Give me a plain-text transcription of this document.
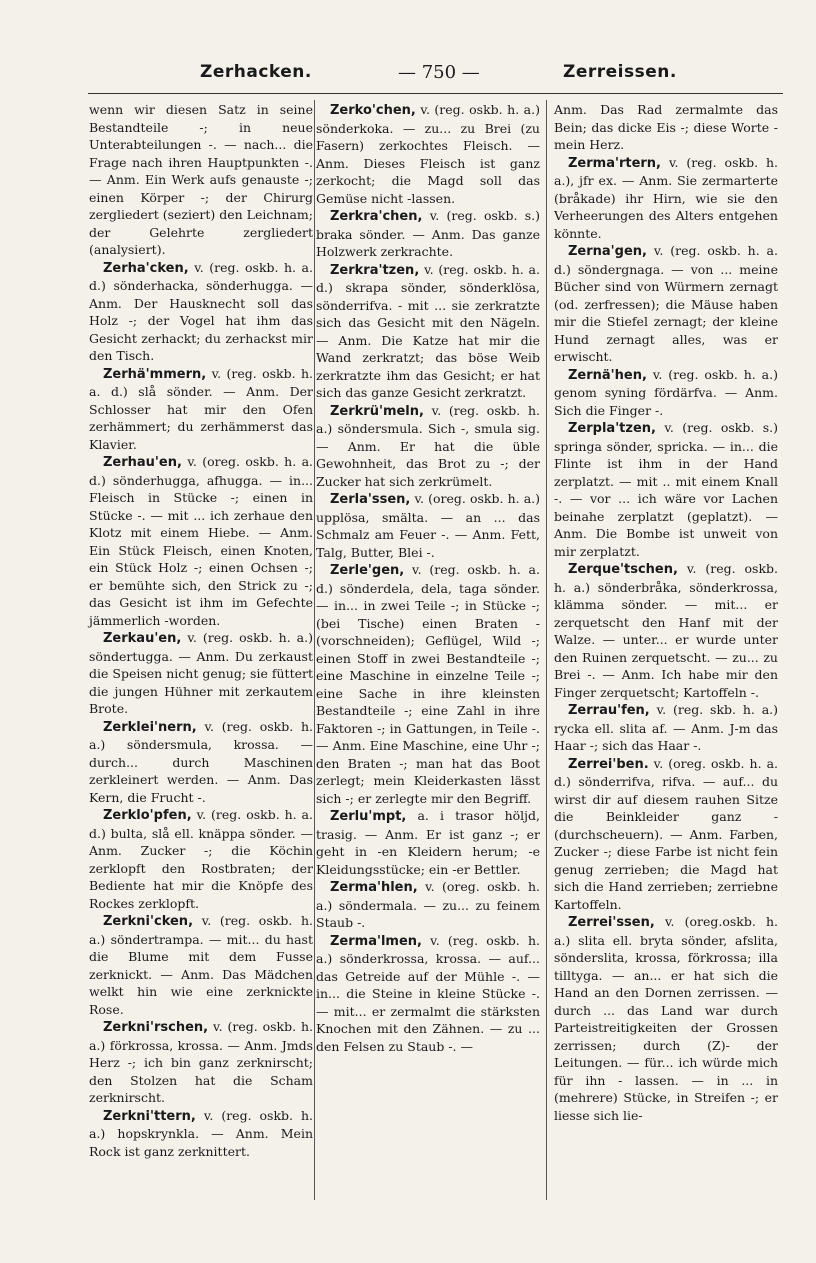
Zerhacken.	— 750 —	Zerreissen.
wenn wir diesen Satz in seine Bestandteile -; in neue Unterabteilungen -. — nach... die Frage nach ihren Hauptpunkten -. — Anm. Ein Werk aufs genauste -; einen Körper -; der Chirurg zergliedert (seziert) den Leichnam; der Gelehrte zergliedert (analysiert).
Zerha'cken, v. (reg. oskb. h. a. d.) sönderhacka, sönderhugga. — Anm. Der Hausknecht soll das Holz -; der Vogel hat ihm das Gesicht zerhackt; du zerhackst mir den Tisch.
Zerhä'mmern, v. (reg. oskb. h. a. d.) slå sönder. — Anm. Der Schlosser hat mir den Ofen zerhämmert; du zerhämmerst das Klavier.
Zerhau'en, v. (oreg. oskb. h. a. d.) sönderhugga, afhugga. — in... Fleisch in Stücke -; einen in Stücke -. — mit ... ich zerhaue den Klotz mit einem Hiebe. — Anm. Ein Stück Fleisch, einen Knoten, ein Stück Holz -; einen Ochsen -; er bemühte sich, den Strick zu -; das Gesicht ist ihm im Gefechte jämmerlich -worden.
Zerkau'en, v. (reg. oskb. h. a.) söndertugga. — Anm. Du zerkaust die Speisen nicht genug; sie füttert die jungen Hühner mit zerkautem Brote.
Zerklei'nern, v. (reg. oskb. h. a.) söndersmula, krossa. — durch... durch Maschinen zerkleinert werden. — Anm. Das Kern, die Frucht -.
Zerklo'pfen, v. (reg. oskb. h. a. d.) bulta, slå ell. knäppa sönder. — Anm. Zucker -; die Köchin zerklopft den Rostbraten; der Bediente hat mir die Knöpfe des Rockes zerklopft.
Zerkni'cken, v. (reg. oskb. h. a.) söndertrampa. — mit... du hast die Blume mit dem Fusse zerknickt. — Anm. Das Mädchen welkt hin wie eine zerknickte Rose.
Zerkni'rschen, v. (reg. oskb. h. a.) förkrossa, krossa. — Anm. Jmds Herz -; ich bin ganz zerknirscht; den Stolzen hat die Scham zerknirscht.
Zerkni'ttern, v. (reg. oskb. h. a.) hopskrynkla. — Anm. Mein Rock ist ganz zerknittert.
Zerko'chen, v. (reg. oskb. h. a.) sönderkoka. — zu... zu Brei (zu Fasern) zerkochtes Fleisch. — Anm. Dieses Fleisch ist ganz zerkocht; die Magd soll das Gemüse nicht -lassen.
Zerkra'chen, v. (reg. oskb. s.) braka sönder. — Anm. Das ganze Holzwerk zerkrachte.
Zerkra'tzen, v. (reg. oskb. h. a. d.) skrapa sönder, sönderklösa, sönderrifva. - mit ... sie zerkratzte sich das Gesicht mit den Nägeln. — Anm. Die Katze hat mir die Wand zerkratzt; das böse Weib zerkratzte ihm das Gesicht; er hat sich das ganze Gesicht zerkratzt.
Zerkrü'meln, v. (reg. oskb. h. a.) söndersmula. Sich -, smula sig. — Anm. Er hat die üble Gewohnheit, das Brot zu -; der Zucker hat sich zerkrümelt.
Zerla'ssen, v. (oreg. oskb. h. a.) upplösa, smälta. — an ... das Schmalz am Feuer -. — Anm. Fett, Talg, Butter, Blei -.
Zerle'gen, v. (reg. oskb. h. a. d.) sönderdela, dela, taga sönder. — in... in zwei Teile -; in Stücke -; (bei Tische) einen Braten - (vorschneiden); Geflügel, Wild -; einen Stoff in zwei Bestandteile -; eine Maschine in einzelne Teile -; eine Sache in ihre kleinsten Bestandteile -; eine Zahl in ihre Faktoren -; in Gattungen, in Teile -. — Anm. Eine Maschine, eine Uhr -; den Braten -; man hat das Boot zerlegt; mein Kleiderkasten lässt sich -; er zerlegte mir den Begriff.
Zerlu'mpt, a. i trasor höljd, trasig. — Anm. Er ist ganz -; er geht in -en Kleidern herum; -e Kleidungsstücke; ein -er Bettler.
Zerma'hlen, v. (oreg. oskb. h. a.) söndermala. — zu... zu feinem Staub -.
Zerma'lmen, v. (reg. oskb. h. a.) sönderkrossa, krossa. — auf... das Getreide auf der Mühle -. — in... die Steine in kleine Stücke -. — mit... er zermalmt die stärksten Knochen mit den Zähnen. — zu ... den Felsen zu Staub -. —
Anm. Das Rad zermalmte das Bein; das dicke Eis -; diese Worte - mein Herz.
Zerma'rtern, v. (reg. oskb. h. a.), jfr ex. — Anm. Sie zermarterte (bråkade) ihr Hirn, wie sie den Verheerungen des Alters entgehen könnte.
Zerna'gen, v. (reg. oskb. h. a. d.) söndergnaga. — von ... meine Bücher sind von Würmern zernagt (od. zerfressen); die Mäuse haben mir die Stiefel zernagt; der kleine Hund zernagt alles, was er erwischt.
Zernä'hen, v. (reg. oskb. h. a.) genom syning fördärfva. — Anm. Sich die Finger -.
Zerpla'tzen, v. (reg. oskb. s.) springa sönder, spricka. — in... die Flinte ist ihm in der Hand zerplatzt. — mit .. mit einem Knall -. — vor ... ich wäre vor Lachen beinahe zerplatzt (geplatzt). — Anm. Die Bombe ist unweit von mir zerplatzt.
Zerque'tschen, v. (reg. oskb. h. a.) sönderbråka, sönderkrossa, klämma sönder. — mit... er zerquetscht den Hanf mit der Walze. — unter... er wurde unter den Ruinen zerquetscht. — zu... zu Brei -. — Anm. Ich habe mir den Finger zerquetscht; Kartoffeln -.
Zerrau'fen, v. (reg. skb. h. a.) rycka ell. slita af. — Anm. J-m das Haar -; sich das Haar -.
Zerrei'ben. v. (oreg. oskb. h. a. d.) sönderrifva, rifva. — auf... du wirst dir auf diesem rauhen Sitze die Beinkleider ganz - (durchscheuern). — Anm. Farben, Zucker -; diese Farbe ist nicht fein genug zerrieben; die Magd hat sich die Hand zerrieben; zerriebne Kartoffeln.
Zerrei'ssen, v. (oreg.oskb. h. a.) slita ell. bryta sönder, afslita, sönderslita, krossa, förkrossa; illa tilltyga. — an... er hat sich die Hand an den Dornen zerrissen. — durch ... das Land war durch Parteistreitigkeiten der Grossen zerrissen; durch (Z)- der Leitungen. — für... ich würde mich für ihn - lassen. — in ... in (mehrere) Stücke, in Streifen -; er liesse sich lie-
